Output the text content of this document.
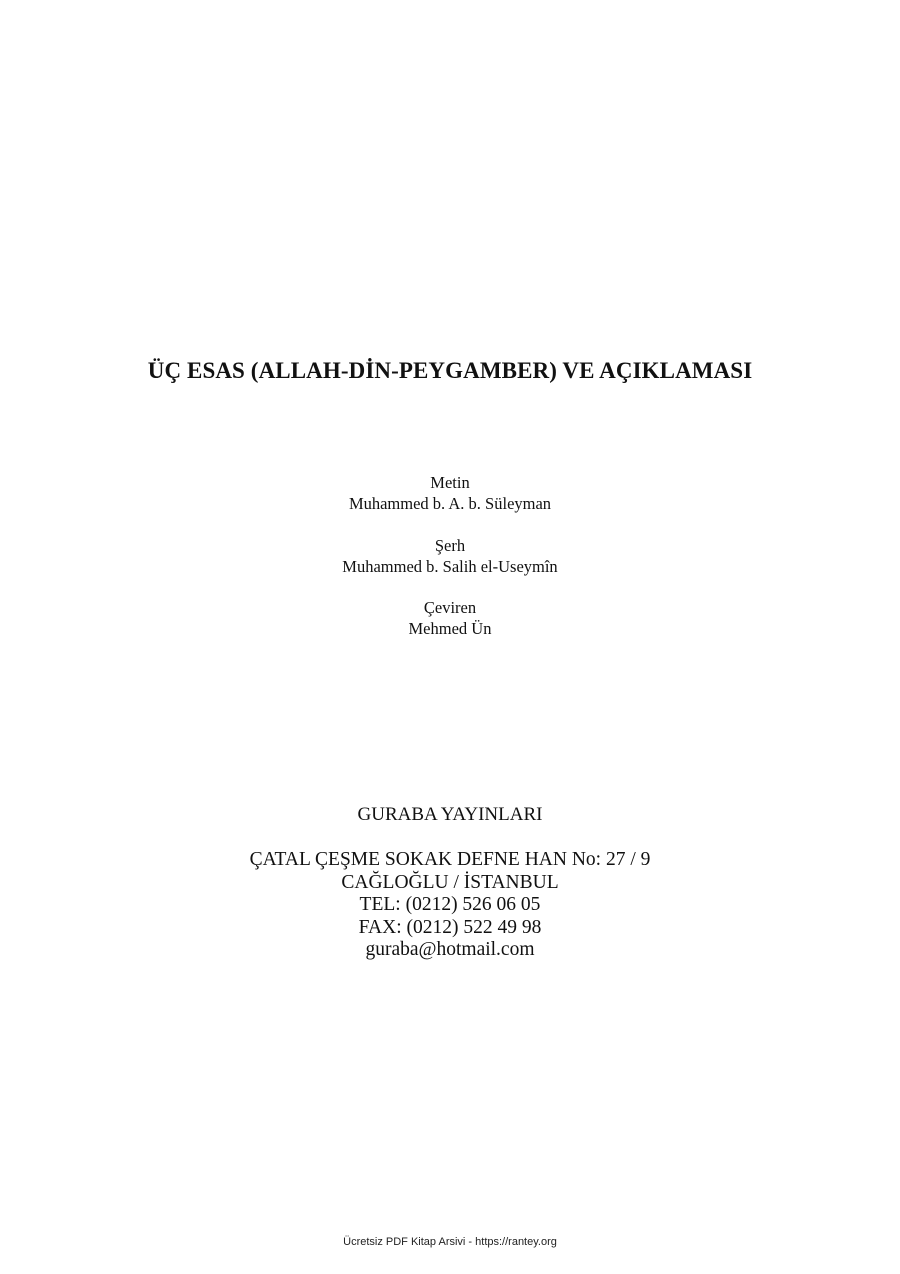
ÜÇ ESAS (ALLAH-DİN-PEYGAMBER) VE AÇIKLAMASI
Metin
Muhammed b. A. b. Süleyman
Şerh
Muhammed b. Salih el-Useymîn
Çeviren
Mehmed Ün
GURABA YAYINLARI
ÇATAL ÇEŞME SOKAK DEFNE HAN No: 27 / 9
CAĞLOĞLU / İSTANBUL
TEL: (0212) 526 06 05
FAX: (0212) 522 49 98
guraba@hotmail.com
Ücretsiz PDF Kitap Arsivi - https://rantey.org
